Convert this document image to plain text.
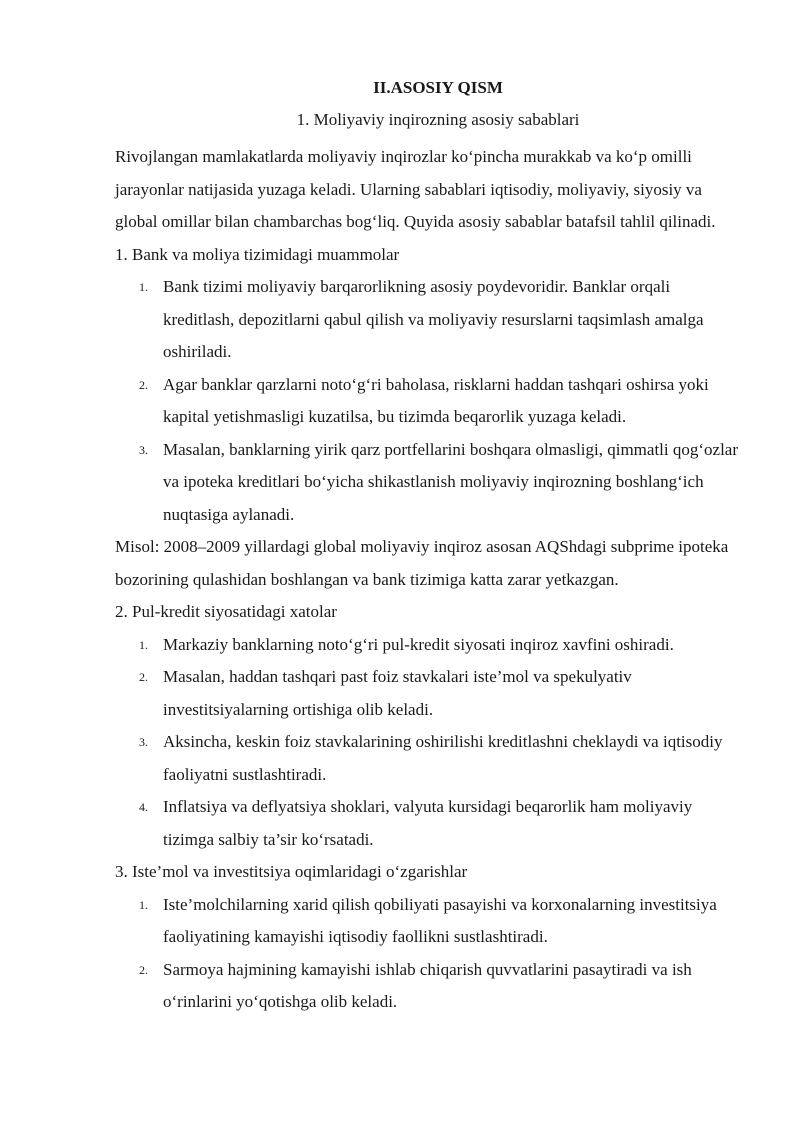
II.ASOSIY QISM
1. Moliyaviy inqirozning asosiy sabablari

Rivojlangan mamlakatlarda moliyaviy inqirozlar ko‘pincha murakkab va ko‘p omilli jarayonlar natijasida yuzaga keladi. Ularning sabablari iqtisodiy, moliyaviy, siyosiy va global omillar bilan chambarchas bog‘liq. Quyida asosiy sabablar batafsil tahlil qilinadi.

1. Bank va moliya tizimidagi muammolar

1. Bank tizimi moliyaviy barqarorlikning asosiy poydevoridir. Banklar orqali kreditlash, depozitlarni qabul qilish va moliyaviy resurslarni taqsimlash amalga oshiriladi.
2. Agar banklar qarzlarni noto‘g‘ri baholasa, risklarni haddan tashqari oshirsa yoki kapital yetishmasligi kuzatilsa, bu tizimda beqarorlik yuzaga keladi.
3. Masalan, banklarning yirik qarz portfellarini boshqara olmasligi, qimmatli qog‘ozlar va ipoteka kreditlari bo‘yicha shikastlanish moliyaviy inqirozning boshlang‘ich nuqtasiga aylanadi.

Misol: 2008–2009 yillardagi global moliyaviy inqiroz asosan AQShdagi subprime ipoteka bozorining qulashidan boshlangan va bank tizimiga katta zarar yetkazgan.

2. Pul-kredit siyosatidagi xatolar

1. Markaziy banklarning noto‘g‘ri pul-kredit siyosati inqiroz xavfini oshiradi.
2. Masalan, haddan tashqari past foiz stavkalari iste’mol va spekulyativ investitsiyalarning ortishiga olib keladi.
3. Aksincha, keskin foiz stavkalarining oshirilishi kreditlashni cheklaydi va iqtisodiy faoliyatni sustlashtiradi.
4. Inflatsiya va deflyatsiya shoklari, valyuta kursidagi beqarorlik ham moliyaviy tizimga salbiy ta’sir ko‘rsatadi.

3. Iste’mol va investitsiya oqimlaridagi o‘zgarishlar

1. Iste’molchilarning xarid qilish qobiliyati pasayishi va korxonalarning investitsiya faoliyatining kamayishi iqtisodiy faollikni sustlashtiradi.
2. Sarmoya hajmining kamayishi ishlab chiqarish quvvatlarini pasaytiradi va ish o‘rinlarini yo‘qotishga olib keladi.
